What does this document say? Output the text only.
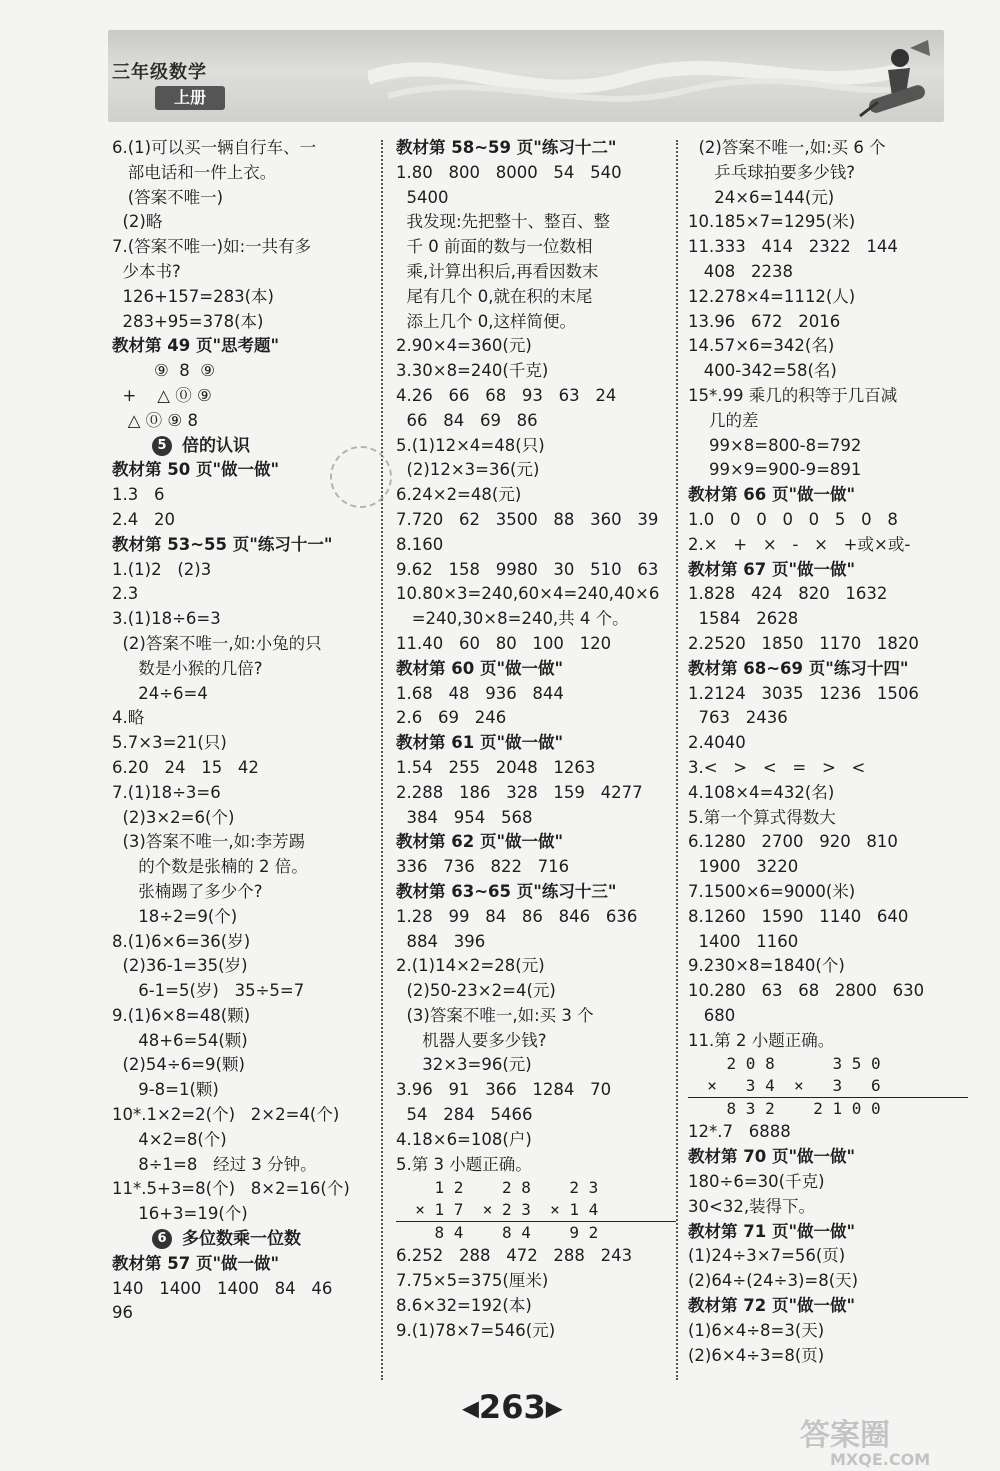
三年级数学
上册
6.(1)可以买一辆自行车、一
部电话和一件上衣。
(答案不唯一)
(2)略
7.(答案不唯一)如:一共有多
少本书?
126+157=283(本)
283+95=378(本)
教材第 49 页"思考题"
⑨  8  ⑨
+    △ ⓪ ⑨
△ ⓪ ⑨ 8
5 倍的认识
教材第 50 页"做一做"
1.3   6
2.4   20
教材第 53~55 页"练习十一"
1.(1)2   (2)3
2.3
3.(1)18÷6=3
(2)答案不唯一,如:小兔的只
数是小猴的几倍?
24÷6=4
4.略
5.7×3=21(只)
6.20   24   15   42
7.(1)18÷3=6
(2)3×2=6(个)
(3)答案不唯一,如:李芳踢
的个数是张楠的 2 倍。
张楠踢了多少个?
18÷2=9(个)
8.(1)6×6=36(岁)
(2)36-1=35(岁)
6-1=5(岁)   35÷5=7
9.(1)6×8=48(颗)
48+6=54(颗)
(2)54÷6=9(颗)
9-8=1(颗)
10*.1×2=2(个)   2×2=4(个)
4×2=8(个)
8÷1=8   经过 3 分钟。
11*.5+3=8(个)   8×2=16(个)
16+3=19(个)
6 多位数乘一位数
教材第 57 页"做一做"
140   1400   1400   84   46
96
教材第 58~59 页"练习十二"
1.80   800   8000   54   540
5400
我发现:先把整十、整百、整
千 0 前面的数与一位数相
乘,计算出积后,再看因数末
尾有几个 0,就在积的末尾
添上几个 0,这样简便。
2.90×4=360(元)
3.30×8=240(千克)
4.26   66   68   93   63   24
66   84   69   86
5.(1)12×4=48(只)
(2)12×3=36(元)
6.24×2=48(元)
7.720   62   3500   88   360   39
8.160
9.62   158   9980   30   510   63
10.80×3=240,60×4=240,40×6
=240,30×8=240,共 4 个。
11.40   60   80   100   120
教材第 60 页"做一做"
1.68   48   936   844
2.6   69   246
教材第 61 页"做一做"
1.54   255   2048   1263
2.288   186   328   159   4277
384   954   568
教材第 62 页"做一做"
336   736   822   716
教材第 63~65 页"练习十三"
1.28   99   84   86   846   636
884   396
2.(1)14×2=28(元)
(2)50-23×2=4(元)
(3)答案不唯一,如:买 3 个
机器人要多少钱?
32×3=96(元)
3.96   91   366   1284   70
54   284   5466
4.18×6=108(户)
5.第 3 小题正确。
1 2    2 8    2 3
× 1 7  × 2 3  × 1 4
8 4    8 4    9 2
6.252   288   472   288   243
7.75×5=375(厘米)
8.6×32=192(本)
9.(1)78×7=546(元)
(2)答案不唯一,如:买 6 个
乒乓球拍要多少钱?
24×6=144(元)
10.185×7=1295(米)
11.333   414   2322   144
408   2238
12.278×4=1112(人)
13.96   672   2016
14.57×6=342(名)
400-342=58(名)
15*.99 乘几的积等于几百减
几的差
99×8=800-8=792
99×9=900-9=891
教材第 66 页"做一做"
1.0   0   0   0   0   5   0   8
2.×   +   ×   -   ×   +或×或-
教材第 67 页"做一做"
1.828   424   820   1632
1584   2628
2.2520   1850   1170   1820
教材第 68~69 页"练习十四"
1.2124   3035   1236   1506
763   2436
2.4040
3.<   >   <   =   >   <
4.108×4=432(名)
5.第一个算式得数大
6.1280   2700   920   810
1900   3220
7.1500×6=9000(米)
8.1260   1590   1140   640
1400   1160
9.230×8=1840(个)
10.280   63   68   2800   630
680
11.第 2 小题正确。
2 0 8      3 5 0
×   3 4  ×   3   6
8 3 2    2 1 0 0
12*.7   6888
教材第 70 页"做一做"
180÷6=30(千克)
30<32,装得下。
教材第 71 页"做一做"
(1)24÷3×7=56(页)
(2)64÷(24÷3)=8(天)
教材第 72 页"做一做"
(1)6×4÷8=3(天)
(2)6×4÷3=8(页)
◀263▶
答案圈
MXQE.COM
